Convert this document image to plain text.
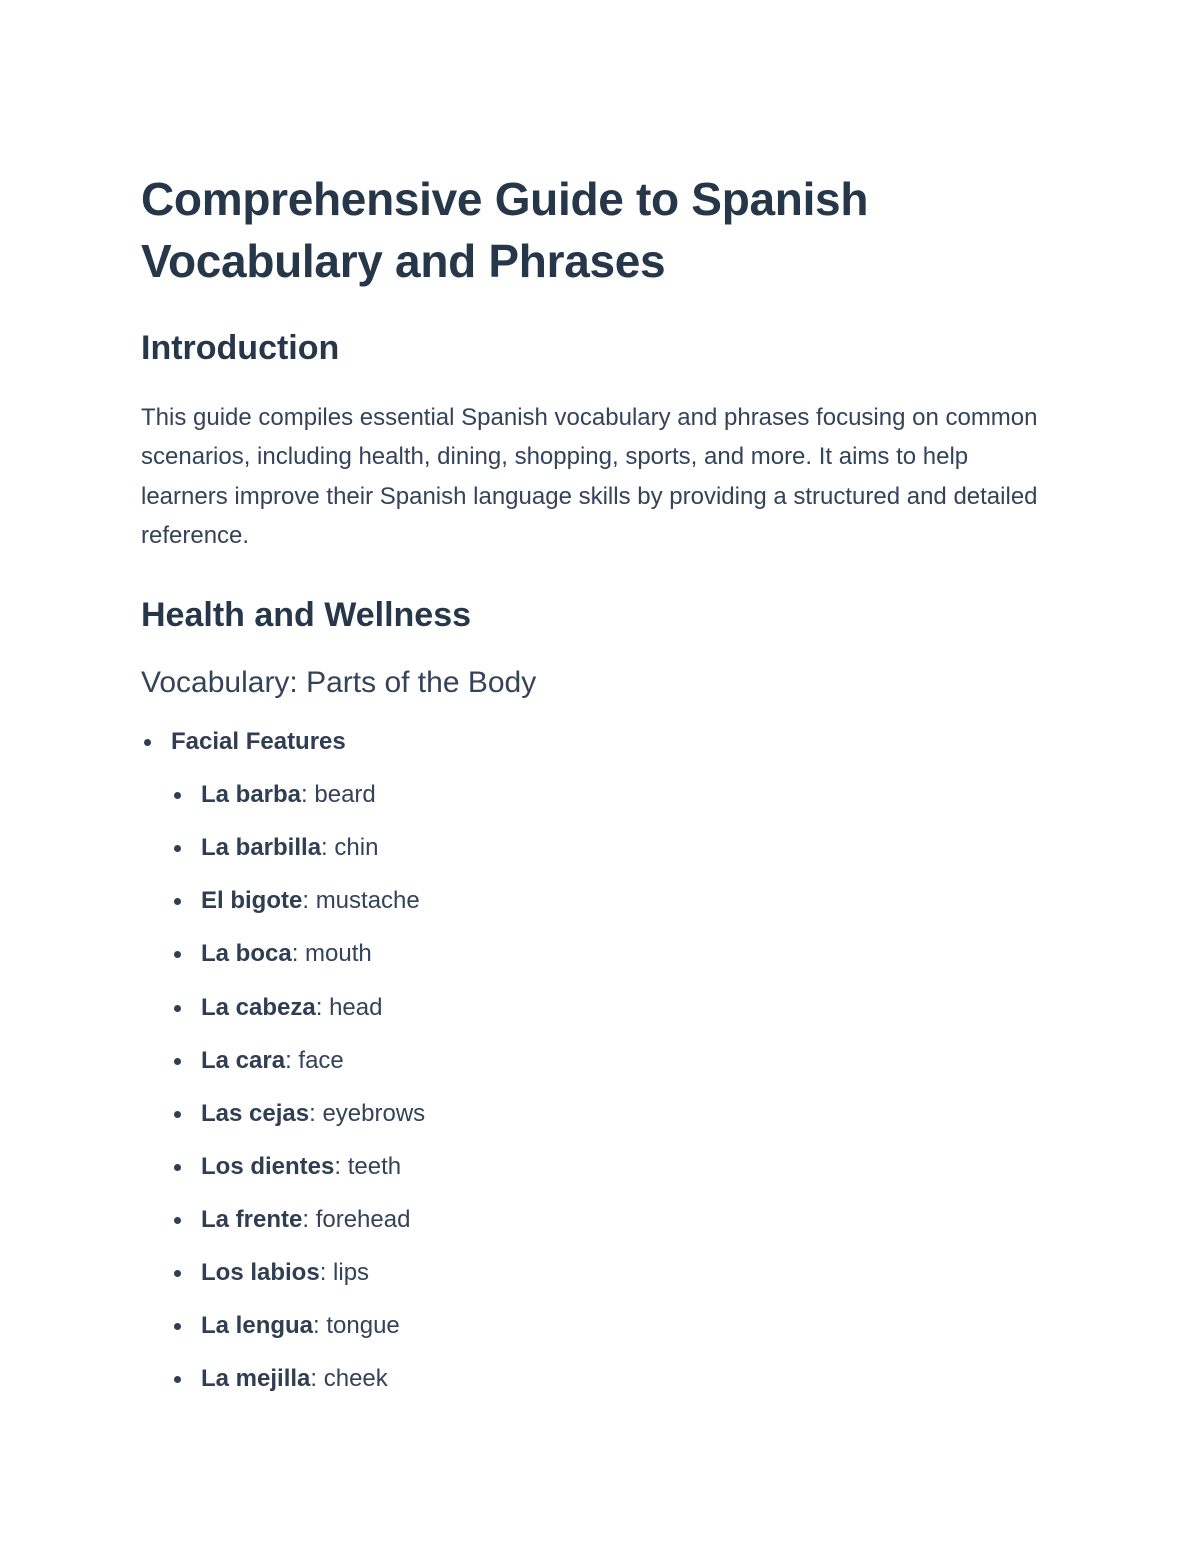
Comprehensive Guide to Spanish Vocabulary and Phrases
Introduction

This guide compiles essential Spanish vocabulary and phrases focusing on common scenarios, including health, dining, shopping, sports, and more. It aims to help learners improve their Spanish language skills by providing a structured and detailed reference.

Health and Wellness
Vocabulary: Parts of the Body
Facial Features
La barba: beard
La barbilla: chin
El bigote: mustache
La boca: mouth
La cabeza: head
La cara: face
Las cejas: eyebrows
Los dientes: teeth
La frente: forehead
Los labios: lips
La lengua: tongue
La mejilla: cheek
